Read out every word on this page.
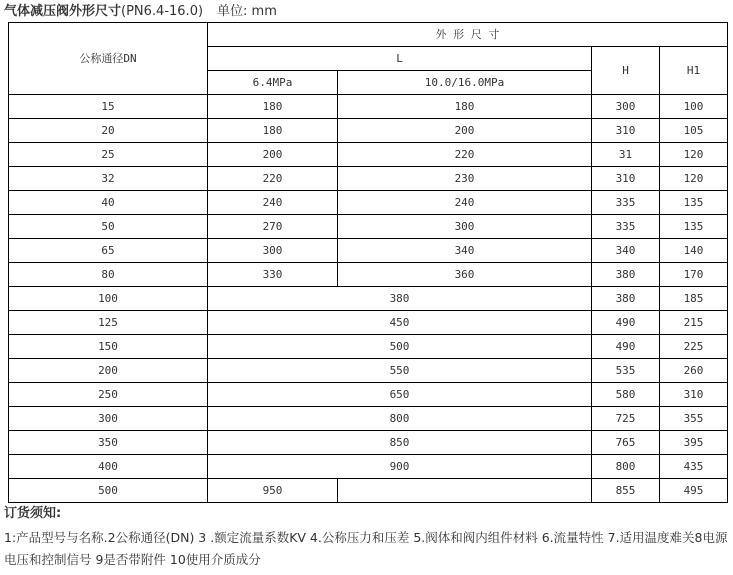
气体减压阀外形尺寸(PN6.4-16.0) 单位: mm
公称通径DN	外 形 尺 寸			
	L		H	H1
	6.4MPa	10.0/16.0MPa		
15	180	180	300	100
20	180	200	310	105
25	200	220	31	120
32	220	230	310	120
40	240	240	335	135
50	270	300	335	135
65	300	340	340	140
80	330	360	380	170
100	380		380	185
125	450		490	215
150	500		490	225
200	550		535	260
250	650		580	310
300	800		725	355
350	850		765	395
400	900		800	435
500	950		855	495
订货须知:
1:产品型号与名称.2公称通径(DN) 3 .额定流量系数KV 4.公称压力和压差 5.阀体和阀内组件材料 6.流量特性 7.适用温度难关8电源电压和控制信号 9是否带附件 10使用介质成分
